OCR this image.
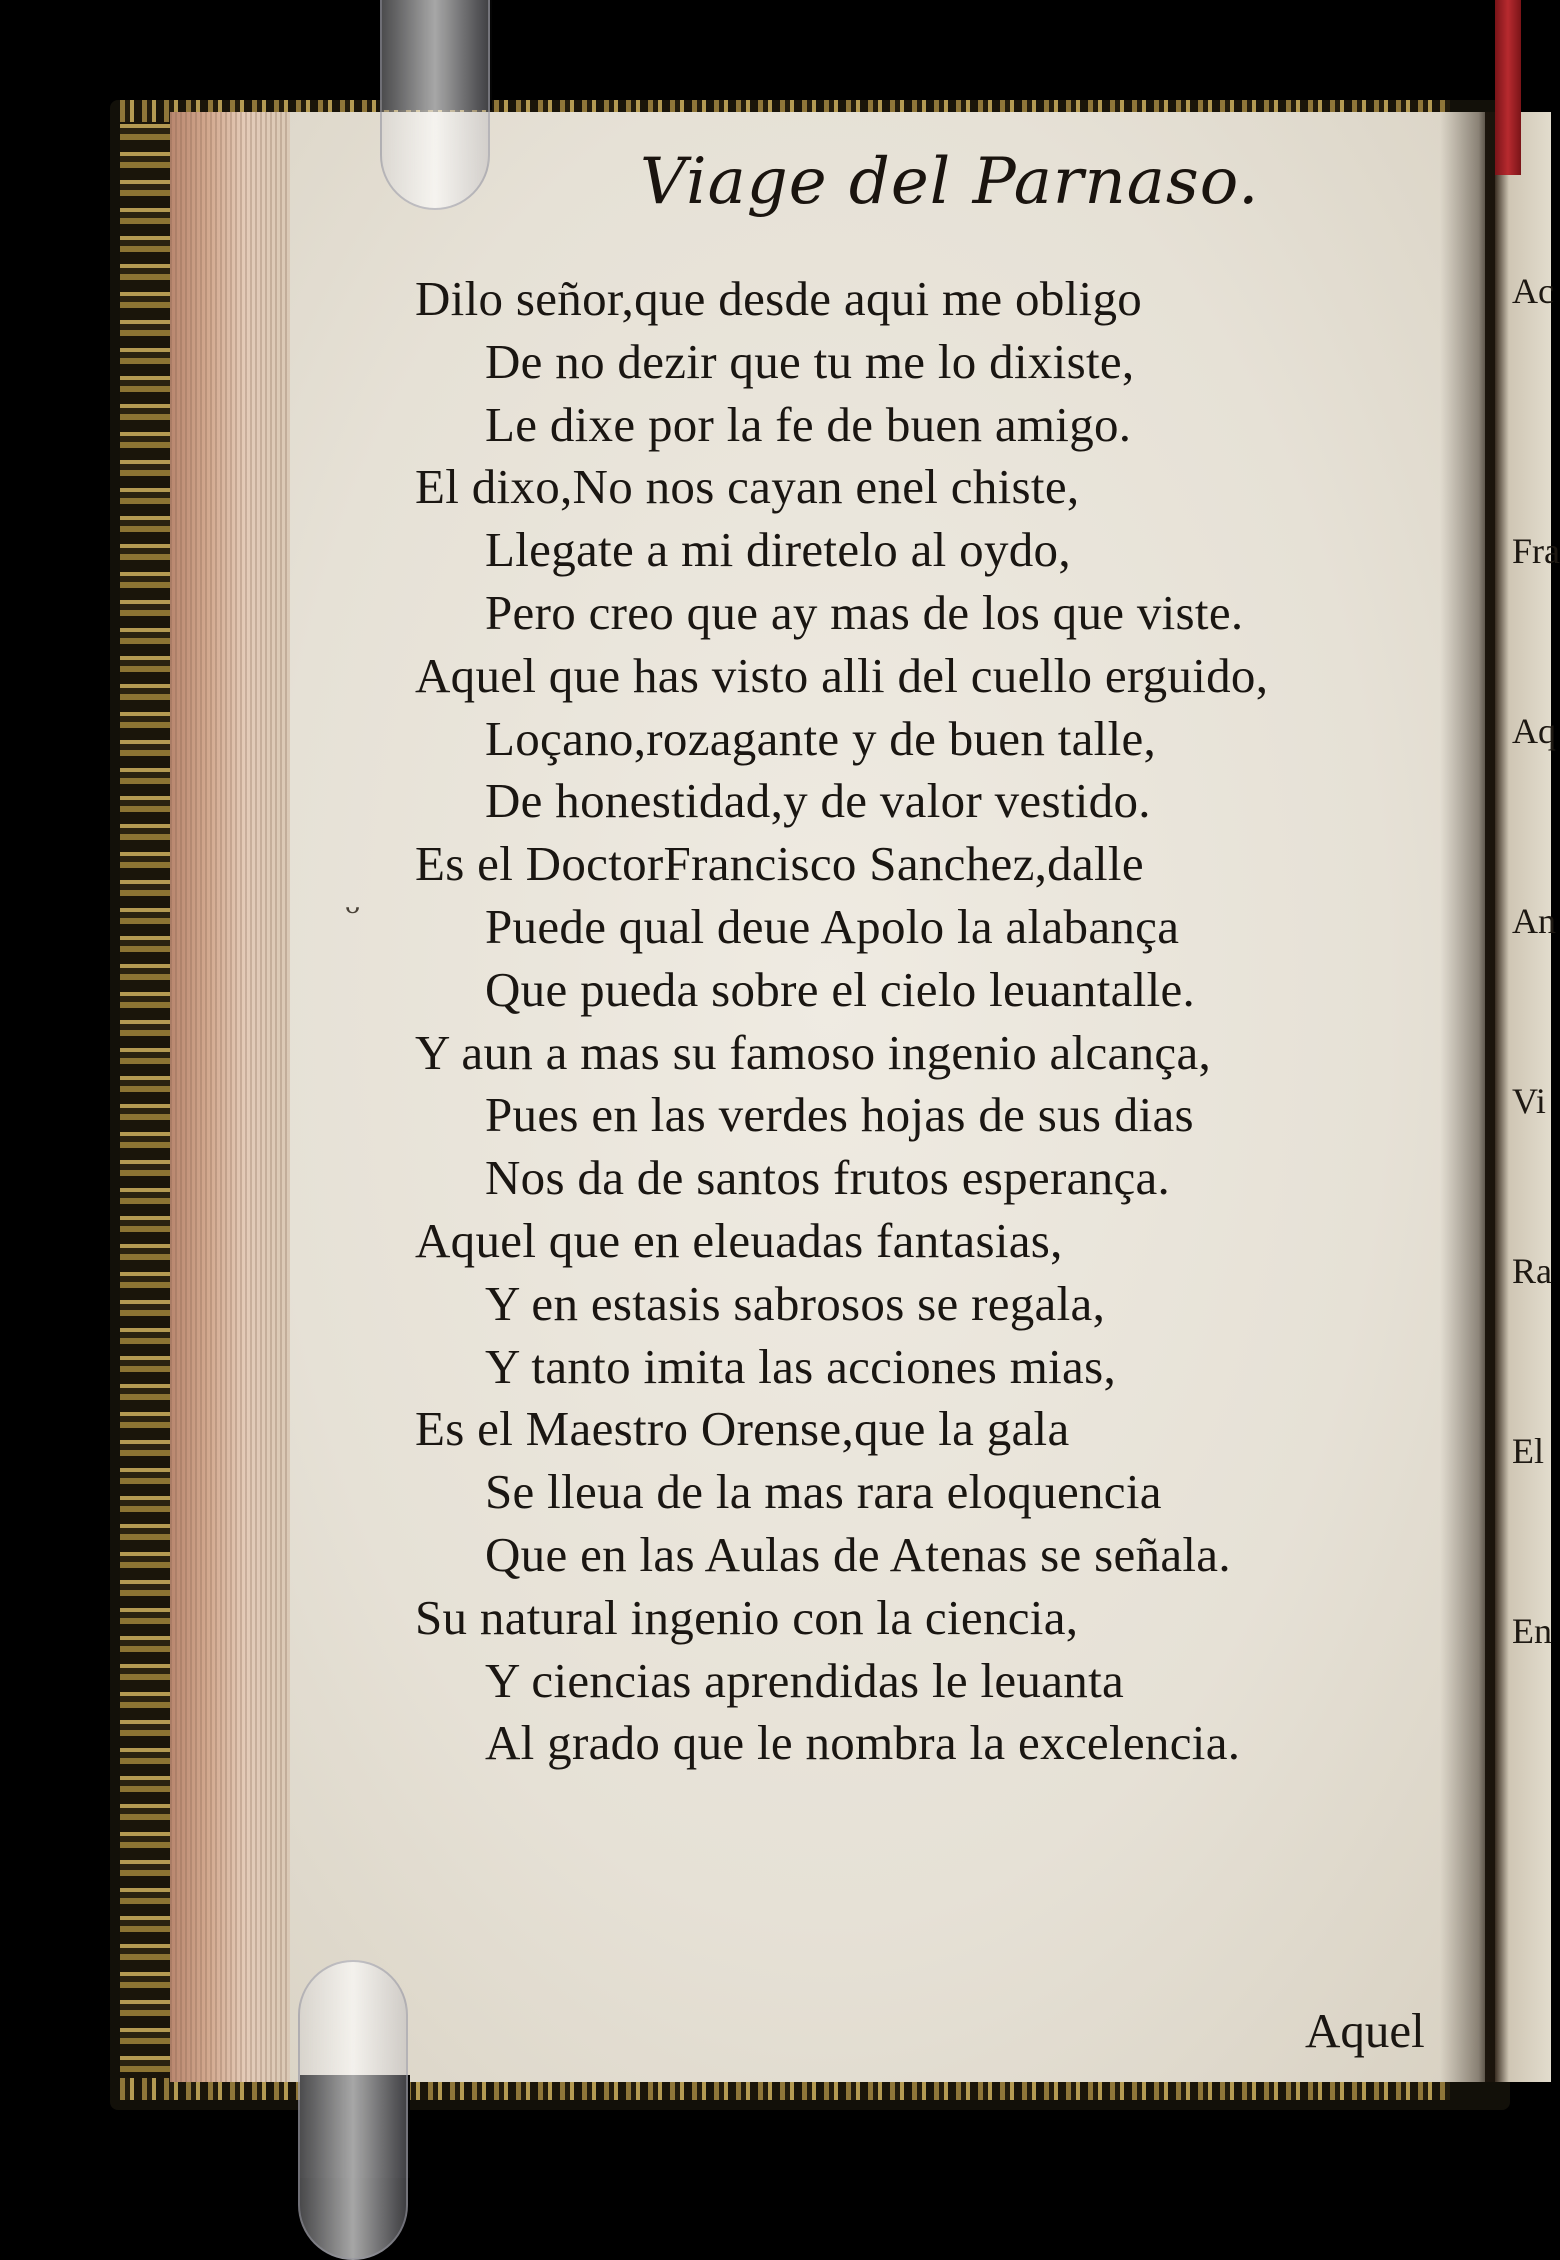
Viage del Parnaso.
ᵕ
Dilo señor,que desde aqui me obligo
De no dezir que tu me lo dixiste,
Le dixe por la fe de buen amigo.
El dixo,No nos cayan enel chiste,
Llegate a mi diretelo al oydo,
Pero creo que ay mas de los que viste.
Aquel que has visto alli del cuello erguido,
Loçano,rozagante y de buen talle,
De honestidad,y de valor vestido.
Es el DoctorFrancisco Sanchez,dalle
Puede qual deue Apolo la alabança
Que pueda sobre el cielo leuantalle.
Y aun a mas su famoso ingenio alcança,
Pues en las verdes hojas de sus dias
Nos da de santos frutos esperança.
Aquel que en eleuadas fantasias,
Y en estasis sabrosos se regala,
Y tanto imita las acciones mias,
Es el Maestro Orense,que la gala
Se lleua de la mas rara eloquencia
Que en las Aulas de Atenas se señala.
Su natural ingenio con la ciencia,
Y ciencias aprendidas le leuanta
Al grado que le nombra la excelencia.
Aquel
Ac
Fra
Aq
An
Vi
Ra
El
En
